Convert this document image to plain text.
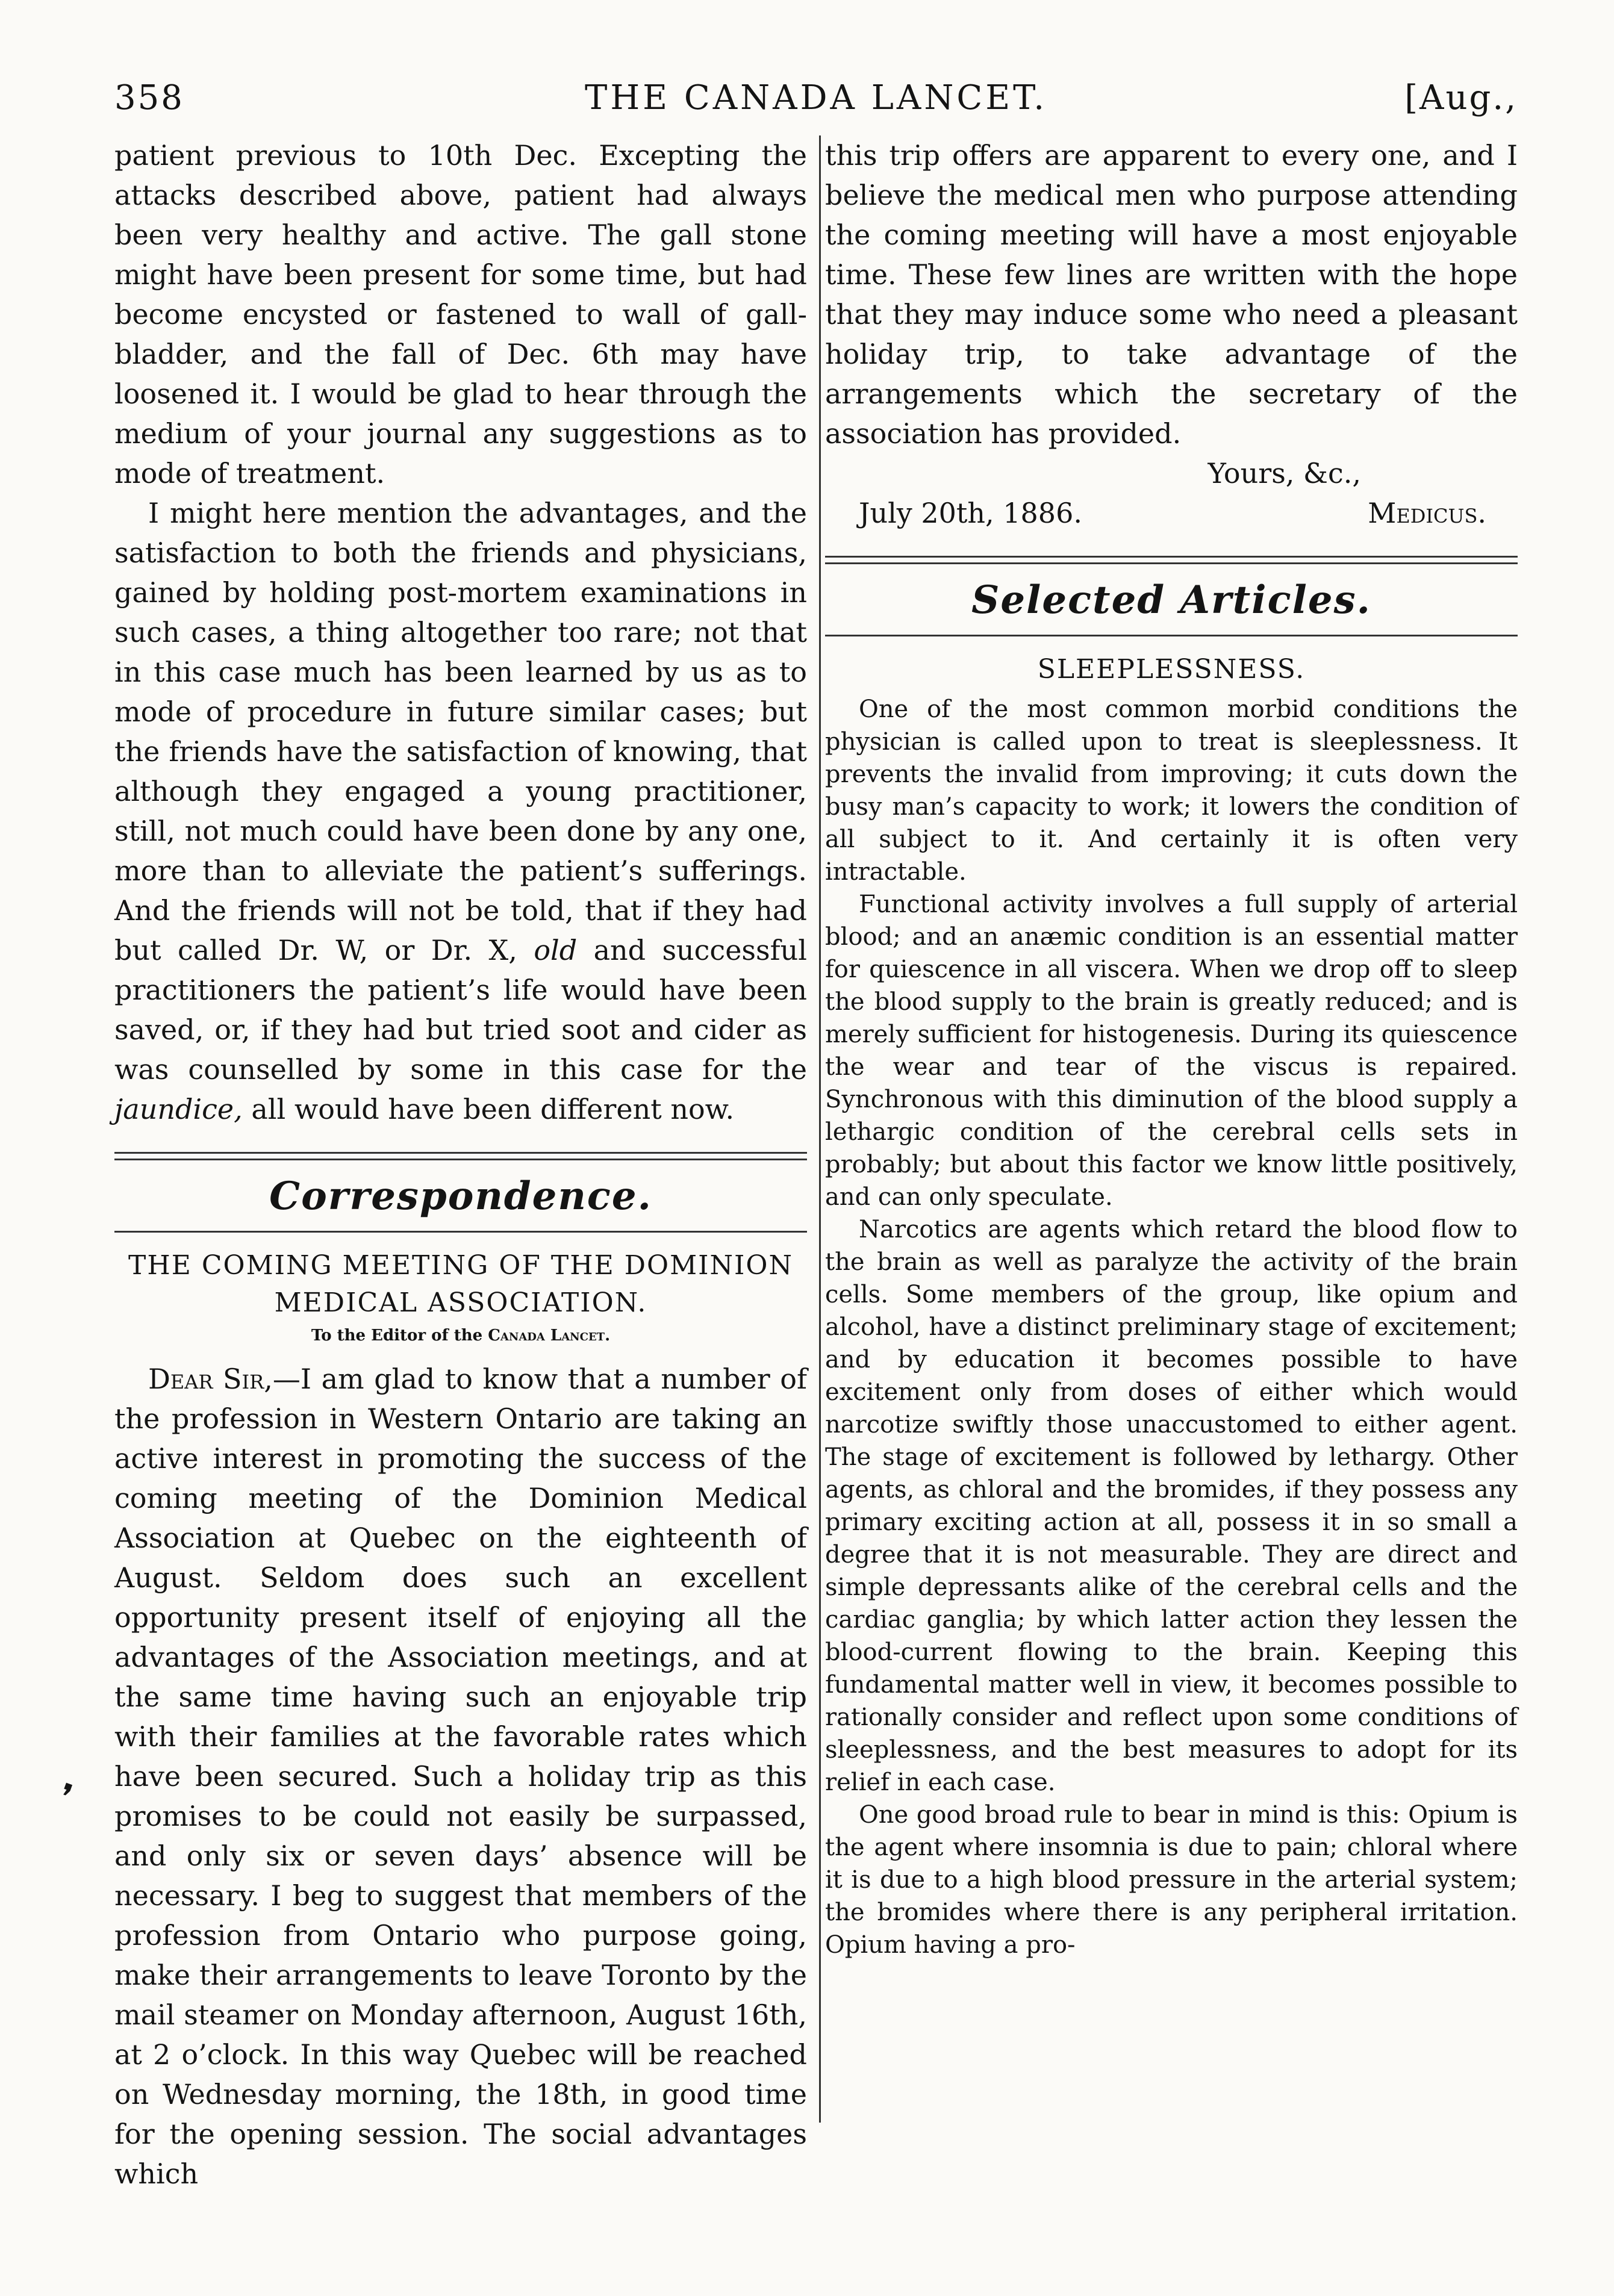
358	THE CANADA LANCET.	[Aug.,
❜

patient previous to 10th Dec. Excepting the attacks described above, patient had always been very healthy and active. The gall stone might have been present for some time, but had become encysted or fastened to wall of gall-bladder, and the fall of Dec. 6th may have loosened it. I would be glad to hear through the medium of your journal any suggestions as to mode of treatment.

I might here mention the advantages, and the satisfaction to both the friends and physicians, gained by holding post-mortem examinations in such cases, a thing altogether too rare; not that in this case much has been learned by us as to mode of procedure in future similar cases; but the friends have the satisfaction of knowing, that although they engaged a young practitioner, still, not much could have been done by any one, more than to alleviate the patient’s sufferings. And the friends will not be told, that if they had but called Dr. W, or Dr. X, old and successful practitioners the patient’s life would have been saved, or, if they had but tried soot and cider as was counselled by some in this case for the jaundice, all would have been different now.

Correspondence.
THE COMING MEETING OF THE DOMINION MEDICAL ASSOCIATION.
To the Editor of the Canada Lancet.

Dear Sir,—I am glad to know that a number of the profession in Western Ontario are taking an active interest in promoting the success of the coming meeting of the Dominion Medical Association at Quebec on the eighteenth of August. Seldom does such an excellent opportunity present itself of enjoying all the advantages of the Association meetings, and at the same time having such an enjoyable trip with their families at the favorable rates which have been secured. Such a holiday trip as this promises to be could not easily be surpassed, and only six or seven days’ absence will be necessary. I beg to suggest that members of the profession from Ontario who purpose going, make their arrangements to leave Toronto by the mail steamer on Monday afternoon, August 16th, at 2 o’clock. In this way Quebec will be reached on Wednesday morning, the 18th, in good time for the opening session. The social advantages which

this trip offers are apparent to every one, and I believe the medical men who purpose attending the coming meeting will have a most enjoyable time. These few lines are written with the hope that they may induce some who need a pleasant holiday trip, to take advantage of the arrangements which the secretary of the association has provided.

Yours, &c.,
July 20th, 1886.	Medicus.
Selected Articles.
SLEEPLESSNESS.

One of the most common morbid conditions the physician is called upon to treat is sleeplessness. It prevents the invalid from improving; it cuts down the busy man’s capacity to work; it lowers the condition of all subject to it. And certainly it is often very intractable.

Functional activity involves a full supply of arterial blood; and an anæmic condition is an essential matter for quiescence in all viscera. When we drop off to sleep the blood supply to the brain is greatly reduced; and is merely sufficient for histogenesis. During its quiescence the wear and tear of the viscus is repaired. Synchronous with this diminution of the blood supply a lethargic condition of the cerebral cells sets in probably; but about this factor we know little positively, and can only speculate.

Narcotics are agents which retard the blood flow to the brain as well as paralyze the activity of the brain cells. Some members of the group, like opium and alcohol, have a distinct preliminary stage of excitement; and by education it becomes possible to have excitement only from doses of either which would narcotize swiftly those unaccustomed to either agent. The stage of excitement is followed by lethargy. Other agents, as chloral and the bromides, if they possess any primary exciting action at all, possess it in so small a degree that it is not measurable. They are direct and simple depressants alike of the cerebral cells and the cardiac ganglia; by which latter action they lessen the blood-current flowing to the brain. Keeping this fundamental matter well in view, it becomes possible to rationally consider and reflect upon some conditions of sleeplessness, and the best measures to adopt for its relief in each case.

One good broad rule to bear in mind is this: Opium is the agent where insomnia is due to pain; chloral where it is due to a high blood pressure in the arterial system; the bromides where there is any peripheral irritation. Opium having a pro-
